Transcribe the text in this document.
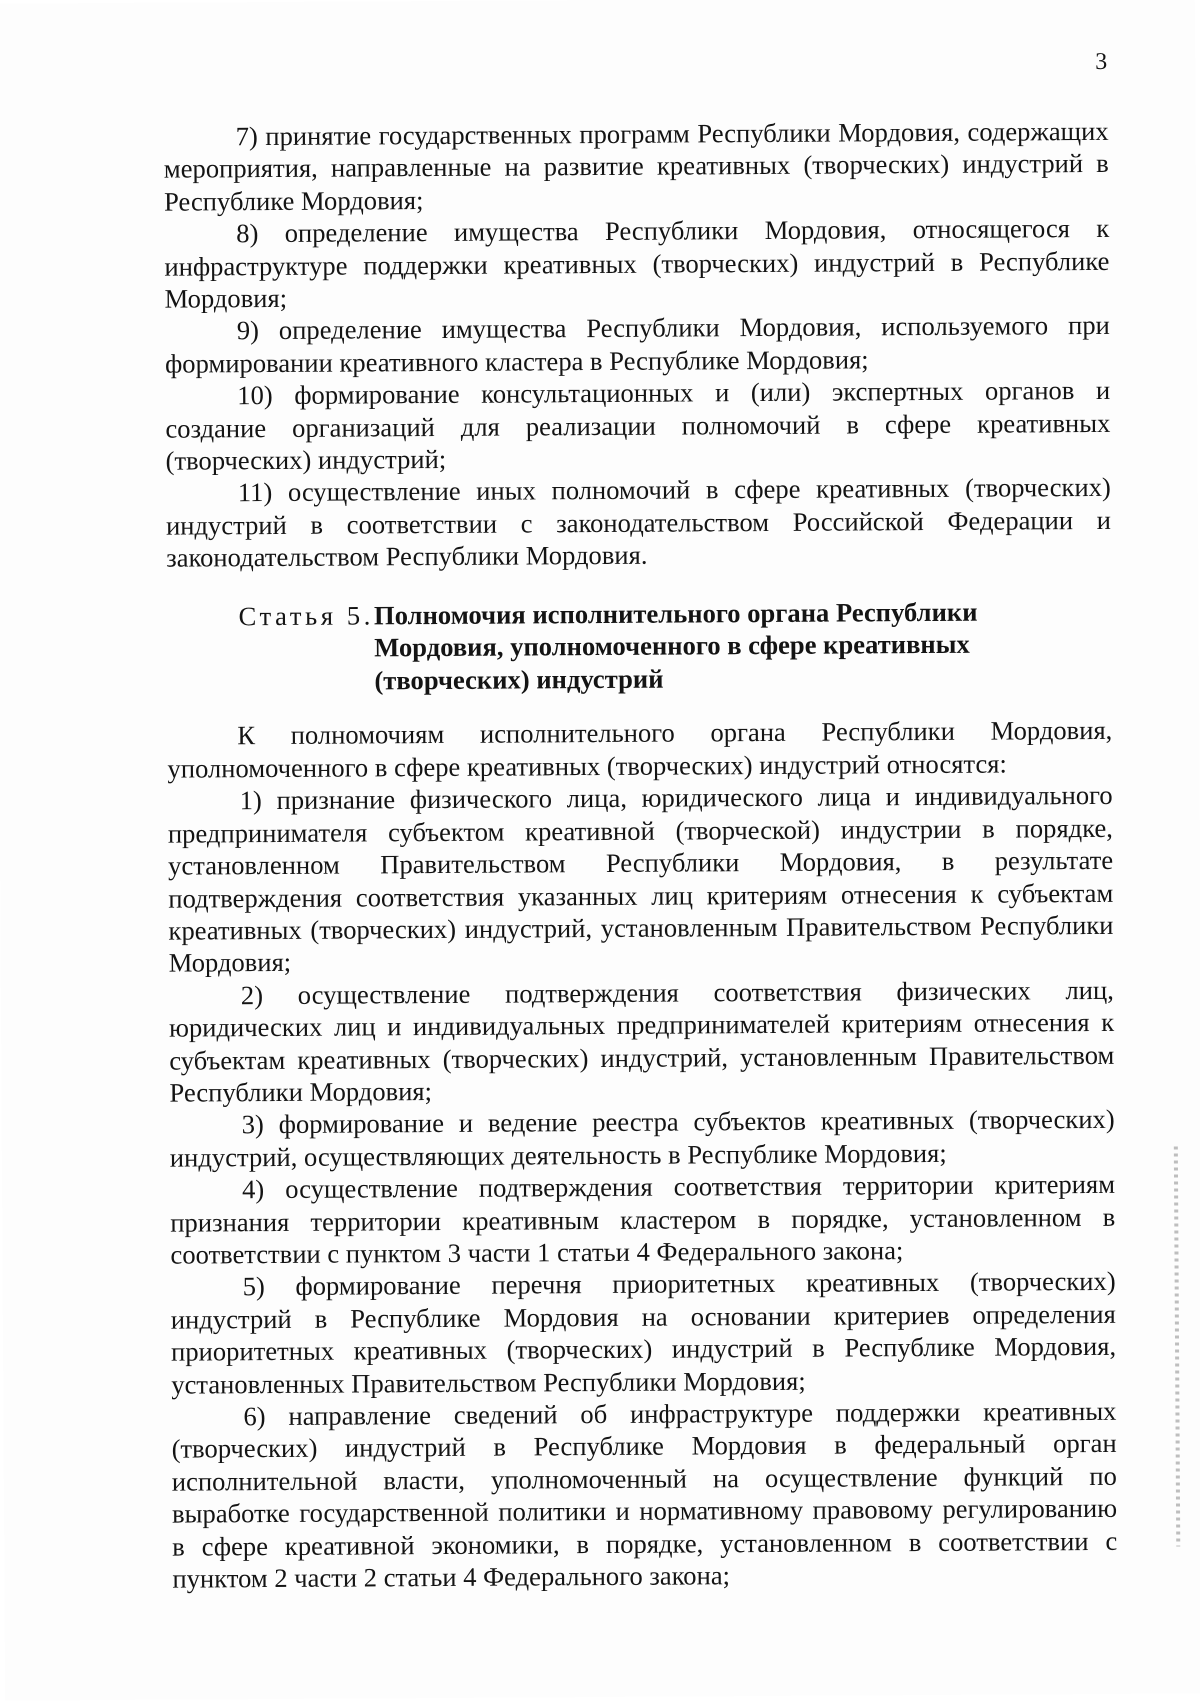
3

7) принятие государственных программ Республики Мордовия, содержащих мероприятия, направленные на развитие креативных (творческих) индустрий в Республике Мордовия;

8) определение имущества Республики Мордовия, относящегося к инфраструктуре поддержки креативных (творческих) индустрий в Республике Мордовия;

9) определение имущества Республики Мордовия, используемого при формировании креативного кластера в Республике Мордовия;

10) формирование консультационных и (или) экспертных органов и создание организаций для реализации полномочий в сфере креативных (творческих) индустрий;

11) осуществление иных полномочий в сфере креативных (творческих) индустрий в соответствии с законодательством Российской Федерации и законодательством Республики Мордовия.

Статья 5. Полномочия исполнительного органа Республики Мордовия, уполномоченного в сфере креативных (творческих) индустрий

К полномочиям исполнительного органа Республики Мордовия, уполномоченного в сфере креативных (творческих) индустрий относятся:

1) признание физического лица, юридического лица и индивидуального предпринимателя субъектом креативной (творческой) индустрии в порядке, установленном Правительством Республики Мордовия, в результате подтверждения соответствия указанных лиц критериям отнесения к субъектам креативных (творческих) индустрий, установленным Правительством Республики Мордовия;

2) осуществление подтверждения соответствия физических лиц, юридических лиц и индивидуальных предпринимателей критериям отнесения к субъектам креативных (творческих) индустрий, установленным Правительством Республики Мордовия;

3) формирование и ведение реестра субъектов креативных (творческих) индустрий, осуществляющих деятельность в Республике Мордовия;

4) осуществление подтверждения соответствия территории критериям признания территории креативным кластером в порядке, установленном в соответствии с пунктом 3 части 1 статьи 4 Федерального закона;

5) формирование перечня приоритетных креативных (творческих) индустрий в Республике Мордовия на основании критериев определения приоритетных креативных (творческих) индустрий в Республике Мордовия, установленных Правительством Республики Мордовия;

6) направление сведений об инфраструктуре поддержки креативных (творческих) индустрий в Республике Мордовия в федеральный орган исполнительной власти, уполномоченный на осуществление функций по выработке государственной политики и нормативному правовому регулированию в сфере креативной экономики, в порядке, установленном в соответствии с пунктом 2 части 2 статьи 4 Федерального закона;
